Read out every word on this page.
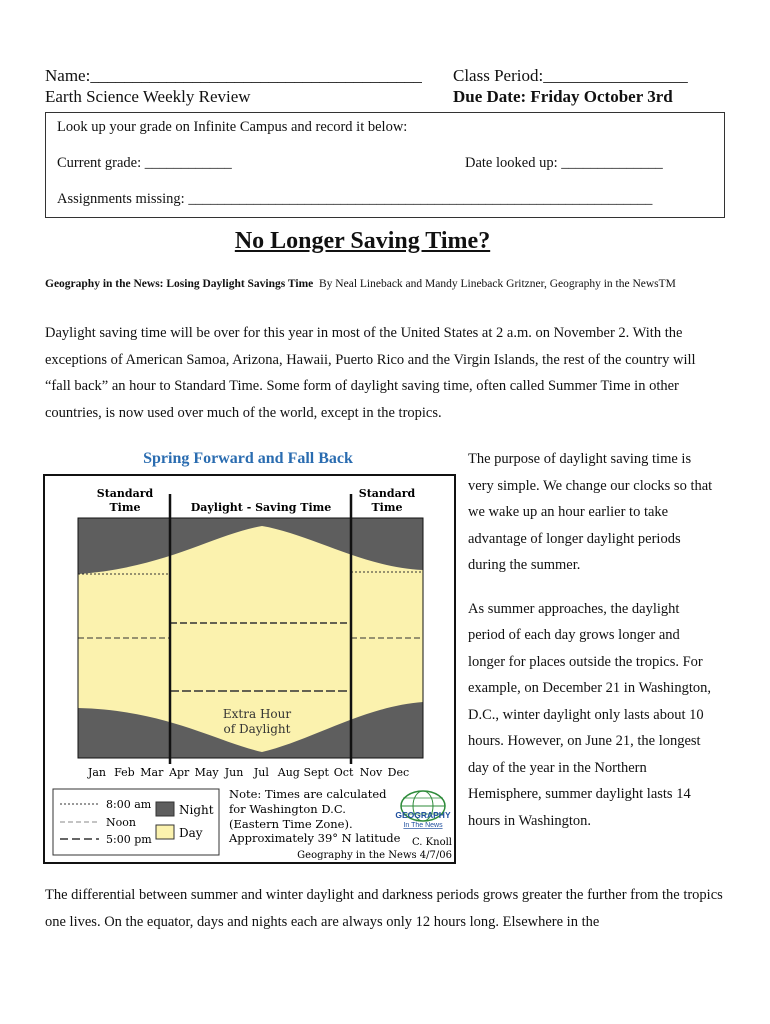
Name:_______________________________________ Class Period:_________________
Earth Science Weekly Review	Due Date: Friday October 3rd
Look up your grade on Infinite Campus and record it below:
Current grade: ____________	Date looked up: ______________
Assignments missing: ________________________________________________________________
No Longer Saving Time?
Geography in the News: Losing Daylight Savings Time By Neal Lineback and Mandy Lineback Gritzner, Geography in the NewsTM
Daylight saving time will be over for this year in most of the United States at 2 a.m. on November 2. With the exceptions of American Samoa, Arizona, Hawaii, Puerto Rico and the Virgin Islands, the rest of the country will “fall back” an hour to Standard Time. Some form of daylight saving time, often called Summer Time in other countries, is now used over much of the world, except in the tropics.
Spring Forward and Fall Back
Standard
Time	Daylight - Saving Time
Standard
Time
Extra Hour
of Daylight
Jan Feb Mar Apr May Jun Jul Aug Sept Oct Nov Dec
8:00 am
Noon
5:00 pm
Night
Day
Note: Times are calculated
for Washington D.C.
(Eastern Time Zone).
Approximately 39° N latitude
GEOGRAPHY
In The News
C. Knoll
Geography in the News 4/7/06

The purpose of daylight saving time is very simple. We change our clocks so that we wake up an hour earlier to take advantage of longer daylight periods during the summer.

As summer approaches, the daylight period of each day grows longer and longer for places outside the tropics. For example, on December 21 in Washington, D.C., winter daylight only lasts about 10 hours. However, on June 21, the longest day of the year in the Northern Hemisphere, summer daylight lasts 14 hours in Washington.

The differential between summer and winter daylight and darkness periods grows greater the further from the tropics one lives. On the equator, days and nights each are always only 12 hours long. Elsewhere in the
